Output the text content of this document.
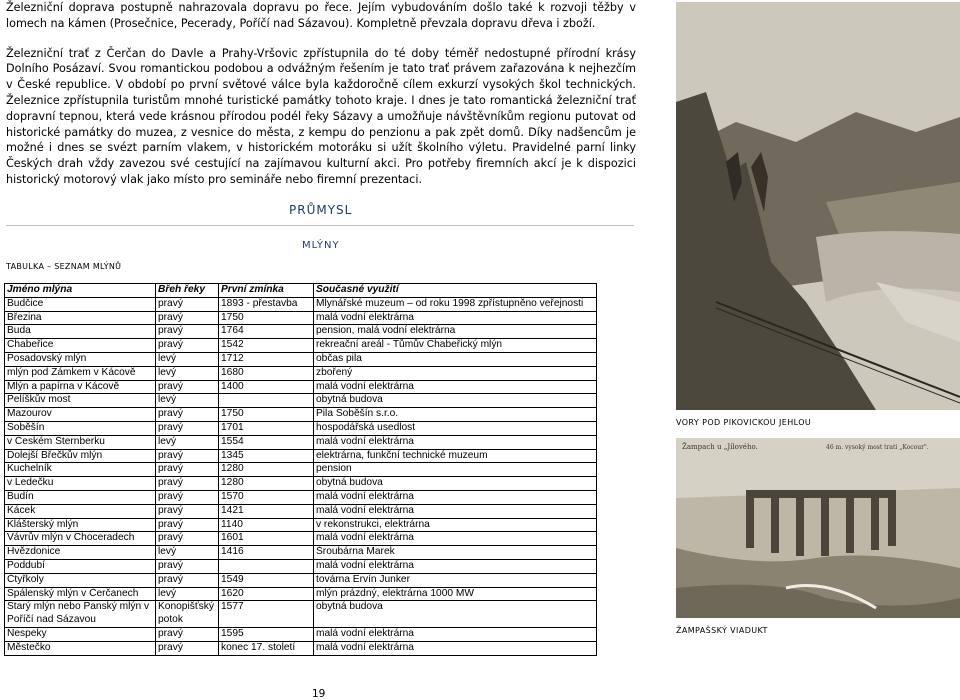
Železniční doprava postupně nahrazovala dopravu po řece. Jejím vybudováním došlo také k rozvoji těžby v lomech na kámen (Prosečnice, Pecerady, Poříčí nad Sázavou). Kompletně převzala dopravu dřeva i zboží.

Železniční trať z Čerčan do Davle a Prahy-Vršovic zpřístupnila do té doby téměř nedostupné přírodní krásy Dolního Posázaví. Svou romantickou podobou a odvážným řešením je tato trať právem zařazována k nejhezčím v České republice. V období po první světové válce byla každoročně cílem exkurzí vysokých škol technických. Železnice zpřístupnila turistům mnohé turistické památky tohoto kraje. I dnes je tato romantická železniční trať dopravní tepnou, která vede krásnou přírodou podél řeky Sázavy a umožňuje návštěvníkům regionu putovat od historické památky do muzea, z vesnice do města, z kempu do penzionu a pak zpět domů. Díky nadšencům je možné i dnes se svézt parním vlakem, v historickém motoráku si užít školního výletu. Pravidelné parní linky Českých drah vždy zavezou své cestující na zajímavou kulturní akci. Pro potřeby firemních akcí je k dispozici historický motorový vlak jako místo pro semináře nebo firemní prezentaci.

PRŮMYSL
MLÝNY
TABULKA – SEZNAM MLÝNŮ
Jméno mlýna	Břeh řeky	První zmínka	Současné využití
Budčice	pravý	1893 - přestavba	Mlynářské muzeum – od roku 1998 zpřístupněno veřejnosti
Březina	pravý	1750	malá vodní elektrárna
Buda	pravý	1764	pension, malá vodní elektrárna
Chabeřice	pravý	1542	rekreační areál - Tůmův Chabeřický mlýn
Posadovský mlýn	levý	1712	občas pila
mlýn pod Zámkem v Kácově	levý	1680	zbořený
Mlýn a papírna v Kácově	pravý	1400	malá vodní elektrárna
Pelíškův most	levý		obytná budova
Mazourov	pravý	1750	Pila Soběšín s.r.o.
Soběšín	pravý	1701	hospodářská usedlost
v Českém Šternberku	levý	1554	malá vodní elektrárna
Dolejší Břečkův mlýn	pravý	1345	elektrárna, funkční technické muzeum
Kuchelník	pravý	1280	pension
v Ledečku	pravý	1280	obytná budova
Budín	pravý	1570	malá vodní elektrárna
Kácek	pravý	1421	malá vodní elektrárna
Klášterský mlýn	pravý	1140	v rekonstrukci, elektrárna
Vávrův mlýn v Choceradech	pravý	1601	malá vodní elektrárna
Hvězdonice	levý	1416	Šroubárna Marek
Poddubí	pravý		malá vodní elektrárna
Čtyřkoly	pravý	1549	továrna Ervín Junker
Spálenský mlýn v Čerčanech	levý	1620	mlýn prázdný, elektrárna 1000 MW
Starý mlýn nebo Panský mlýn v Poříčí nad Sázavou	Konopišťský potok	1577	obytná budova
Nespeky	pravý	1595	malá vodní elektrárna
Městečko	pravý	konec 17. století	malá vodní elektrárna
VORY POD PIKOVICKOU JEHLOU
Žampach u „Jílového.	46 m. vysoký most trati „Kocour".
ŽAMPAŠSKÝ VIADUKT
19
